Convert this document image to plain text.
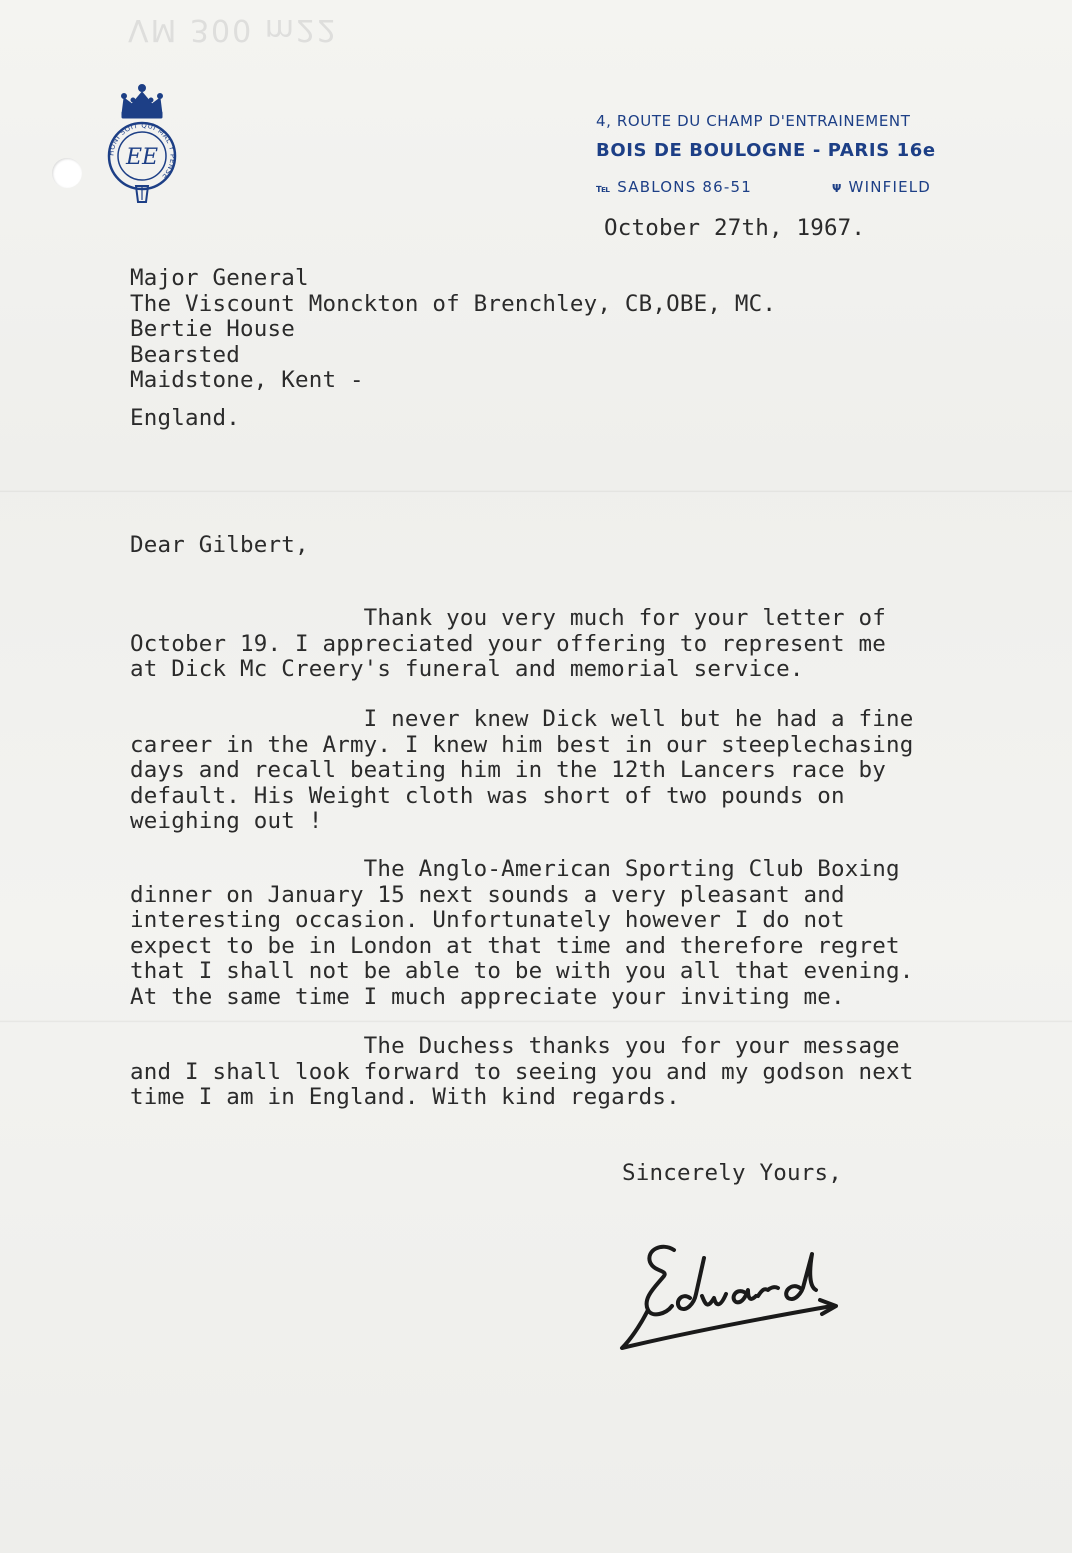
VM 300 m22
HONI SOIT QUI MAL Y PENSE
EE
4, ROUTE DU CHAMP D'ENTRAINEMENT
BOIS DE BOULOGNE - PARIS 16e
℡ SABLONS 86-51	Ψ WINFIELD
October 27th, 1967.
Major General
The Viscount Monckton of Brenchley, CB,OBE, MC.
Bertie House
Bearsted
Maidstone, Kent -
England.
Dear Gilbert,
Thank you very much for your letter of
October 19. I appreciated your offering to represent me
at Dick Mc Creery's funeral and memorial service.
I never knew Dick well but he had a fine
career in the Army. I knew him best in our steeplechasing
days and recall beating him in the 12th Lancers race by
default. His Weight cloth was short of two pounds on
weighing out !
The Anglo-American Sporting Club Boxing
dinner on January 15 next sounds a very pleasant and
interesting occasion. Unfortunately however I do not
expect to be in London at that time and therefore regret
that I shall not be able to be with you all that evening.
At the same time I much appreciate your inviting me.
The Duchess thanks you for your message
and I shall look forward to seeing you and my godson next
time I am in England. With kind regards.
Sincerely Yours,
